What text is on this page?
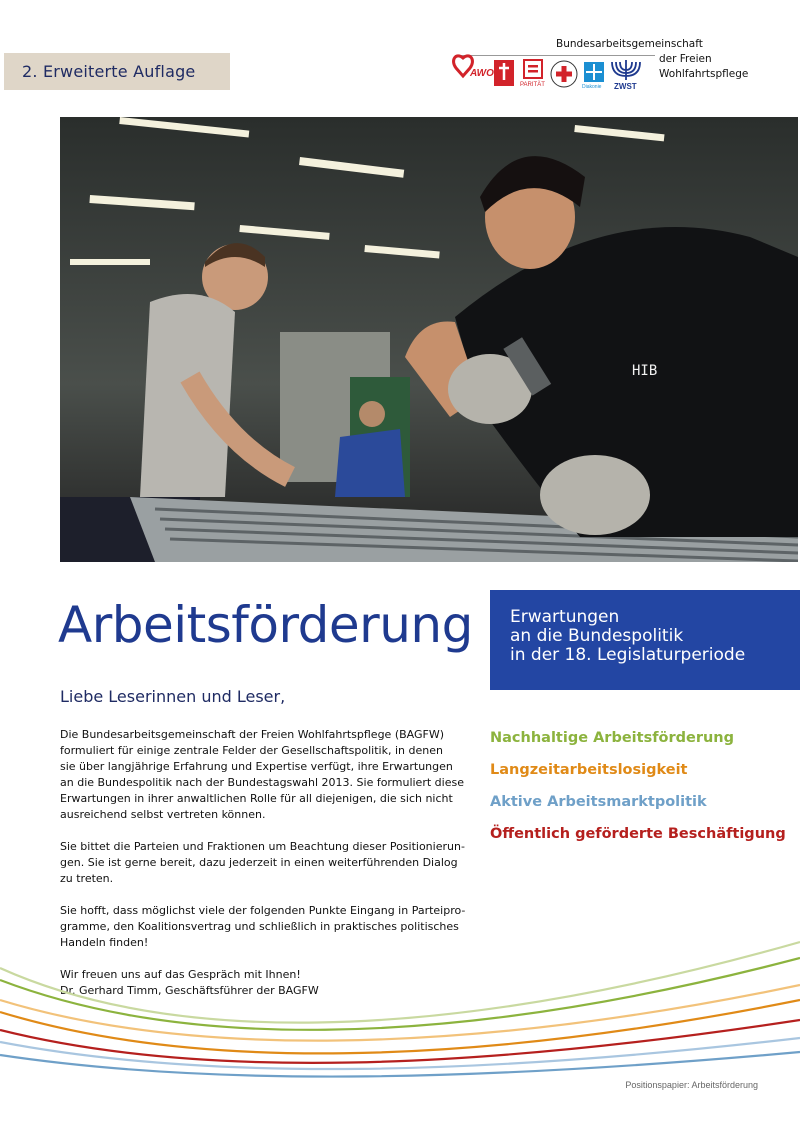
2. Erweiterte Auflage
Bundesarbeitsgemeinschaft
der Freien
Wohlfahrtspflege
AWO
PARITÄT	Diakonie ZWST
HIB
Arbeitsförderung Erwartungen
an die Bundespolitik
in der 18. Legislaturperiode
Nachhaltige Arbeitsförderung
Langzeitarbeitslosigkeit
Aktive Arbeitsmarktpolitik
Öffentlich geförderte Beschäftigung
Liebe Leserinnen und Leser,

Die Bundesarbeitsgemeinschaft der Freien Wohlfahrtspflege (BAGFW)
formuliert für einige zentrale Felder der Gesellschaftspolitik, in denen
sie über langjährige Erfahrung und Expertise verfügt, ihre Erwartungen
an die Bundespolitik nach der Bundestagswahl 2013. Sie formuliert diese
Erwartungen in ihrer anwaltlichen Rolle für all diejenigen, die sich nicht
ausreichend selbst vertreten können.

Sie bittet die Parteien und Fraktionen um Beachtung dieser Positionierun-
gen. Sie ist gerne bereit, dazu jederzeit in einen weiterführenden Dialog
zu treten.

Sie hofft, dass möglichst viele der folgenden Punkte Eingang in Parteipro-
gramme, den Koalitionsvertrag und schließlich in praktisches politisches
Handeln finden!

Wir freuen uns auf das Gespräch mit Ihnen!
Dr. Gerhard Timm, Geschäftsführer der BAGFW

Positionspapier: Arbeitsförderung
